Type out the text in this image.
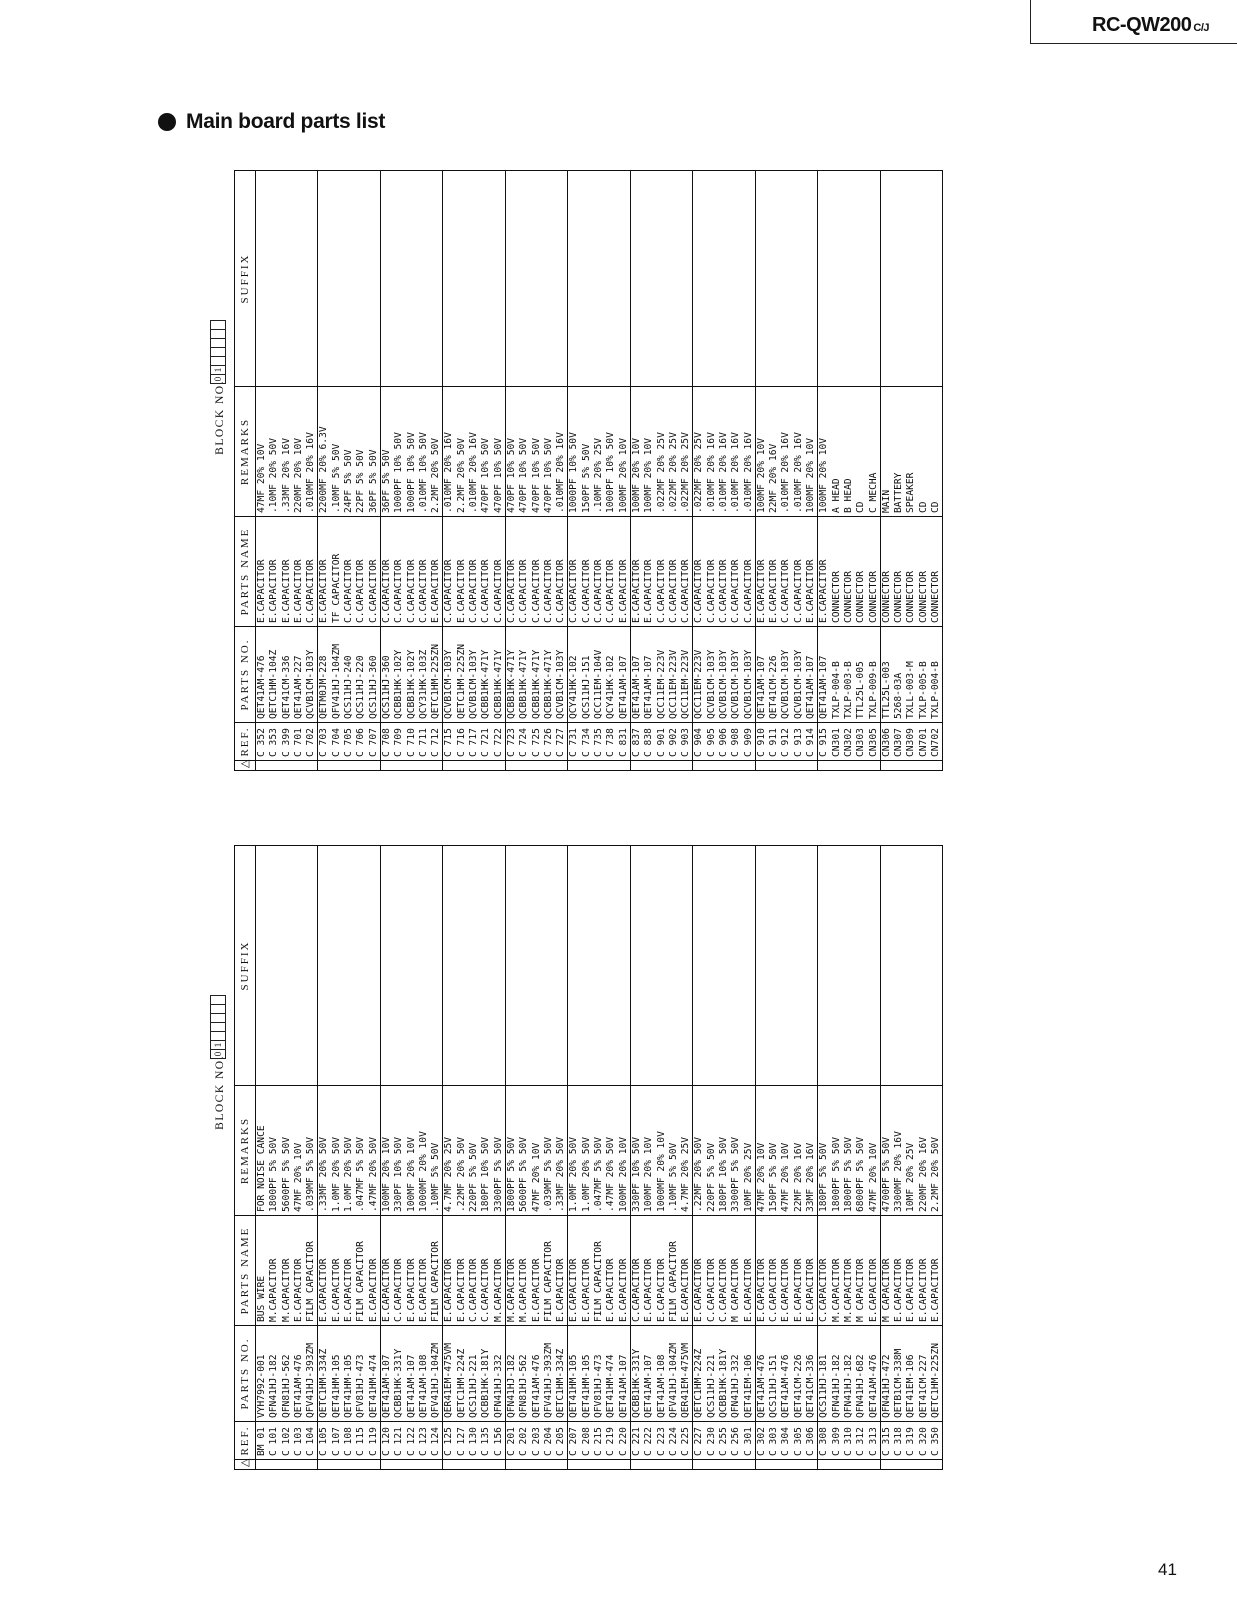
RC-QW200 C/J
Main board parts list
BLOCK NO.
0
1
△	REF.	PARTS NO.	PARTS NAME	REMARKS	SUFFIX
	BM 01	VYH7992-001	BUS WIRE	FOR NOISE CANCE	
	C 101	QFN41HJ-182	M.CAPACITOR	1800PF 5% 50V	
	C 102	QFN81HJ-562	M.CAPACITOR	5600PF 5% 50V	
	C 103	QET41AM-476	E.CAPACITOR	47MF 20% 10V	
	C 104	QFV41HJ-393ZM	FILM CAPACITOR	.039MF 5% 50V	
	C 105	QETC1HM-334Z	E.CAPACITOR	.33MF 20% 50V	
	C 107	QET41HM-105	E.CAPACITOR	1.0MF 20% 50V	
	C 108	QET41HM-105	E.CAPACITOR	1.0MF 20% 50V	
	C 115	QFV81HJ-473	FILM CAPACITOR	.047MF 5% 50V	
	C 119	QET41HM-474	E.CAPACITOR	.47MF 20% 50V	
	C 120	QET41AM-107	E.CAPACITOR	100MF 20% 10V	
	C 121	QCBB1HK-331Y	C.CAPACITOR	330PF 10% 50V	
	C 122	QET41AM-107	E.CAPACITOR	100MF 20% 10V	
	C 123	QET41AM-108	E.CAPACITOR	1000MF 20% 10V	
	C 124	QFV41HJ-104ZM	FILM CAPACITOR	.10MF 5% 50V	
	C 125	QER41EM-475VM	E.CAPACITOR	4.7MF 20% 25V	
	C 127	QETC1HM-224Z	E.CAPACITOR	.22MF 20% 50V	
	C 130	QCS11HJ-221	C.CAPACITOR	220PF 5% 50V	
	C 135	QCBB1HK-181Y	C.CAPACITOR	180PF 10% 50V	
	C 156	QFN41HJ-332	M.CAPACITOR	3300PF 5% 50V	
	C 201	QFN41HJ-182	M.CAPACITOR	1800PF 5% 50V	
	C 202	QFN81HJ-562	M.CAPACITOR	5600PF 5% 50V	
	C 203	QET41AM-476	E.CAPACITOR	47MF 20% 10V	
	C 204	QFV41HJ-393ZM	FILM CAPACITOR	.039MF 5% 50V	
	C 205	QETC1HM-334Z	E.CAPACITOR	.33MF 20% 50V	
	C 207	QET41HM-105	E.CAPACITOR	1.0MF 20% 50V	
	C 208	QET41HM-105	E.CAPACITOR	1.0MF 20% 50V	
	C 215	QFV81HJ-473	FILM CAPACITOR	.047MF 5% 50V	
	C 219	QET41HM-474	E.CAPACITOR	.47MF 20% 50V	
	C 220	QET41AM-107	E.CAPACITOR	100MF 20% 10V	
	C 221	QCBB1HK-331Y	C.CAPACITOR	330PF 10% 50V	
	C 222	QET41AM-107	E.CAPACITOR	100MF 20% 10V	
	C 223	QET41AM-108	E.CAPACITOR	1000MF 20% 10V	
	C 224	QFV41HJ-104ZM	FILM CAPACITOR	.10MF 5% 50V	
	C 225	QER41EM-475VM	E.CAPACITOR	4.7MF 20% 25V	
	C 227	QETC1HM-224Z	E.CAPACITOR	.22MF 20% 50V	
	C 230	QCS11HJ-221	C.CAPACITOR	220PF 5% 50V	
	C 255	QCBB1HK-181Y	C.CAPACITOR	180PF 10% 50V	
	C 256	QFN41HJ-332	M CAPACITOR	3300PF 5% 50V	
	C 301	QET41EM-106	E.CAPACITOR	10MF 20% 25V	
	C 302	QET41AM-476	E.CAPACITOR	47MF 20% 10V	
	C 303	QCS11HJ-151	C.CAPACITOR	150PF 5% 50V	
	C 304	QET41AM-476	E.CAPACITOR	47MF 20% 10V	
	C 305	QET41CM-226	E.CAPACITOR	22MF 20% 16V	
	C 306	QET41CM-336	E.CAPACITOR	33MF 20% 16V	
	C 308	QCS11HJ-181	C.CAPACITOR	180PF 5% 50V	
	C 309	QFN41HJ-182	M.CAPACITOR	1800PF 5% 50V	
	C 310	QFN41HJ-182	M.CAPACITOR	1800PF 5% 50V	
	C 312	QFN41HJ-682	M CAPACITOR	6800PF 5% 50V	
	C 313	QET41AM-476	E.CAPACITOR	47MF 20% 10V	
	C 315	QFN41HJ-472	M CAPACITOR	4700PF 5% 50V	
	C 318	QETB1CM-338M	E.CAPACITOR	3300MF 20% 16V	
	C 319	QET41EM-106	E.CAPACITOR	10MF 20% 25V	
	C 320	QET41CM-227	E.CAPACITOR	220MF 20% 16V	
	C 350	QETC1HM-225ZN	E.CAPACITOR	2.2MF 20% 50V	
BLOCK NO.
0
1
△	REF.	PARTS NO.	PARTS NAME	REMARKS	SUFFIX
	C 352	QET41AM-476	E.CAPACITOR	47MF 20% 10V	
	C 353	QETC1HM-104Z	E.CAPACITOR	.10MF 20% 50V	
	C 399	QET41CM-336	E.CAPACITOR	.33MF 20% 16V	
	C 701	QET41AM-227	E.CAPACITOR	220MF 20% 10V	
	C 702	QCVB1CM-103Y	C.CAPACITOR	.010MF 20% 16V	
	C 703	QETM0JM-228	E.CAPACITOR	2200MF 20% 6.3V	
	C 704	QFV41HJ-104ZM	TF CAPACITOR	.10MF 5% 50V	
	C 705	QCS11HJ-240	C.CAPACITOR	24PF 5% 50V	
	C 706	QCS11HJ-220	C.CAPACITOR	22PF 5% 50V	
	C 707	QCS11HJ-360	C.CAPACITOR	36PF 5% 50V	
	C 708	QCS11HJ-360	C.CAPACITOR	36PF 5% 50V	
	C 709	QCBB1HK-102Y	C.CAPACITOR	1000PF 10% 50V	
	C 710	QCBB1HK-102Y	C.CAPACITOR	1000PF 10% 50V	
	C 711	QCY31HK-103Z	C.CAPACITOR	.010MF 10% 50V	
	C 712	QETC1HM-225ZN	E.CAPACITOR	2.2MF 20% 50V	
	C 715	QCVB1CM-103Y	C.CAPACITOR	.010MF 20% 16V	
	C 716	QETC1HM-225ZN	E.CAPACITOR	2.2MF 20% 50V	
	C 717	QCVB1CM-103Y	C.CAPACITOR	.010MF 20% 16V	
	C 721	QCBB1HK-471Y	C.CAPACITOR	470PF 10% 50V	
	C 722	QCBB1HK-471Y	C.CAPACITOR	470PF 10% 50V	
	C 723	QCBB1HK-471Y	C.CAPACITOR	470PF 10% 50V	
	C 724	QCBB1HK-471Y	C.CAPACITOR	470PF 10% 50V	
	C 725	QCBB1HK-471Y	C.CAPACITOR	470PF 10% 50V	
	C 726	QCBB1HK-471Y	C.CAPACITOR	470PF 10% 50V	
	C 727	QCVB1CM-103Y	C.CAPACITOR	.010MF 20% 16V	
	C 731	QCY41HK-102	C.CAPACITOR	1000PF 10% 50V	
	C 734	QCS11HJ-151	C.CAPACITOR	150PF 5% 50V	
	C 735	QCC11EM-104V	C.CAPACITOR	.10MF 20% 25V	
	C 738	QCY41HK-102	C.CAPACITOR	1000PF 10% 50V	
	C 831	QET41AM-107	E.CAPACITOR	100MF 20% 10V	
	C 837	QET41AM-107	E.CAPACITOR	100MF 20% 10V	
	C 838	QET41AM-107	E.CAPACITOR	100MF 20% 10V	
	C 901	QCC11EM-223V	C.CAPACITOR	.022MF 20% 25V	
	C 902	QCC11EM-223V	C.CAPACITOR	.022MF 20% 25V	
	C 903	QCC11EM-223V	C.CAPACITOR	.022MF 20% 25V	
	C 904	QCC11EM-223V	C.CAPACITOR	.022MF 20% 25V	
	C 905	QCVB1CM-103Y	C.CAPACITOR	.010MF 20% 16V	
	C 906	QCVB1CM-103Y	C.CAPACITOR	.010MF 20% 16V	
	C 908	QCVB1CM-103Y	C.CAPACITOR	.010MF 20% 16V	
	C 909	QCVB1CM-103Y	C.CAPACITOR	.010MF 20% 16V	
	C 910	QET41AM-107	E.CAPACITOR	100MF 20% 10V	
	C 911	QET41CM-226	E.CAPACITOR	22MF 20% 16V	
	C 912	QCVB1CM-103Y	C.CAPACITOR	.010MF 20% 16V	
	C 913	QCVB1CM-103Y	C.CAPACITOR	.010MF 20% 16V	
	C 914	QET41AM-107	E.CAPACITOR	100MF 20% 10V	
	C 915	QET41AM-107	E.CAPACITOR	100MF 20% 10V	
	CN301	TXLP-004-B	CONNECTOR	A HEAD	
	CN302	TXLP-003-B	CONNECTOR	B HEAD	
	CN303	TTL25L-005	CONNECTOR	CD	
	CN305	TXLP-009-B	CONNECTOR	C MECHA	
	CN306	TTL25L-003	CONNECTOR	MAIN	
	CN307	5268-03A	CONNECTOR	BATTERY	
	CN309	TXLL-003-M	CONNECTOR	SPEAKER	
	CN701	TXLP-005-B	CONNECTOR	CD	
	CN702	TXLP-004-B	CONNECTOR	CD	
41
